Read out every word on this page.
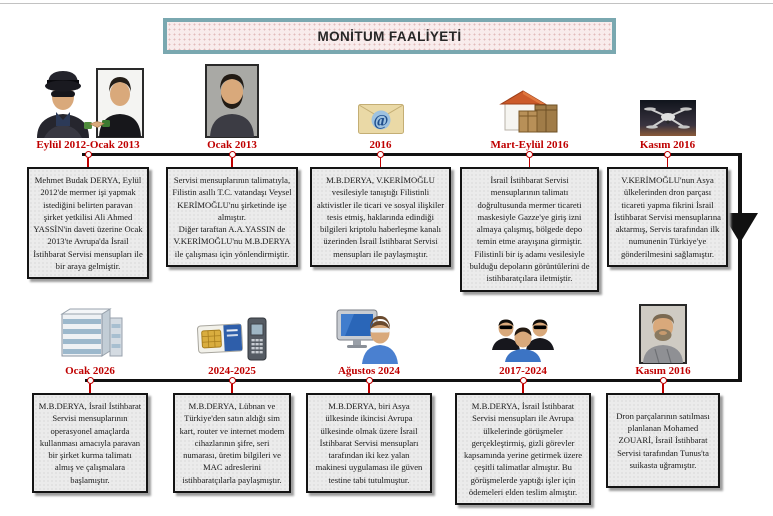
MONİTUM FAALİYETİ
Eylül 2012-Ocak 2013
Mehmet Budak DERYA, Eylül 2012'de mermer işi yapmak istediğini belirten paravan şirket yetkilisi Ali Ahmed YASSİN'in daveti üzerine Ocak 2013'te Avrupa'da İsrail İstihbarat Servisi mensupları ile bir araya gelmiştir.
Ocak 2013
Servisi mensuplarının talimatıyla, Filistin asıllı T.C. vatandaşı Veysel KERİMOĞLU'nu şirketinde işe almıştır.
Diğer taraftan A.A.YASSIN de V.KERİMOĞLU'nu M.B.DERYA ile çalışması için yönlendirmiştir.
@
2016
M.B.DERYA, V.KERİMOĞLU vesilesiyle tanıştığı Filistinli aktivistler ile ticari ve sosyal ilişkiler tesis etmiş, haklarında edindiği bilgileri kriptolu haberleşme kanalı üzerinden İsrail İstihbarat Servisi mensupları ile paylaşmıştır.
Mart-Eylül 2016
İsrail İstihbarat Servisi mensuplarının talimatı doğrultusunda mermer ticareti maskesiyle Gazze'ye giriş izni almaya çalışmış, bölgede depo temin etme arayışına girmiştir. Filistinli bir iş adamı vesilesiyle bulduğu depoların görüntülerini de istihbaratçılara iletmiştir.
Kasım 2016
V.KERİMOĞLU'nun Asya ülkelerinden dron parçası ticareti yapma fikrini İsrail İstihbarat Servisi mensuplarına aktarmış, Servis tarafından ilk numunenin Türkiye'ye gönderilmesini sağlamıştır.
Ocak 2026
M.B.DERYA, İsrail İstihbarat Servisi mensuplarının operasyonel amaçlarda kullanması amacıyla paravan bir şirket kurma talimatı almış ve çalışmalara başlamıştır.
2024-2025
M.B.DERYA, Lübnan ve Türkiye'den satın aldığı sim kart, router ve internet modem cihazlarının şifre, seri numarası, üretim bilgileri ve MAC adreslerini istihbaratçılarla paylaşmıştır.
Ağustos 2024
M.B.DERYA, biri Asya ülkesinde ikincisi Avrupa ülkesinde olmak üzere İsrail İstihbarat Servisi mensupları tarafından iki kez yalan makinesi uygulaması ile güven testine tabi tutulmuştur.
2017-2024
M.B.DERYA, İsrail İstihbarat Servisi mensupları ile Avrupa ülkelerinde görüşmeler gerçekleştirmiş, gizli görevler kapsamında yerine getirmek üzere çeşitli talimatlar almıştır. Bu görüşmelerde yaptığı işler için ödemeleri elden teslim almıştır.
Kasım 2016
Dron parçalarının satılması planlanan Mohamed ZOUARİ, İsrail İstihbarat Servisi tarafından Tunus'ta suikasta uğramıştır.
